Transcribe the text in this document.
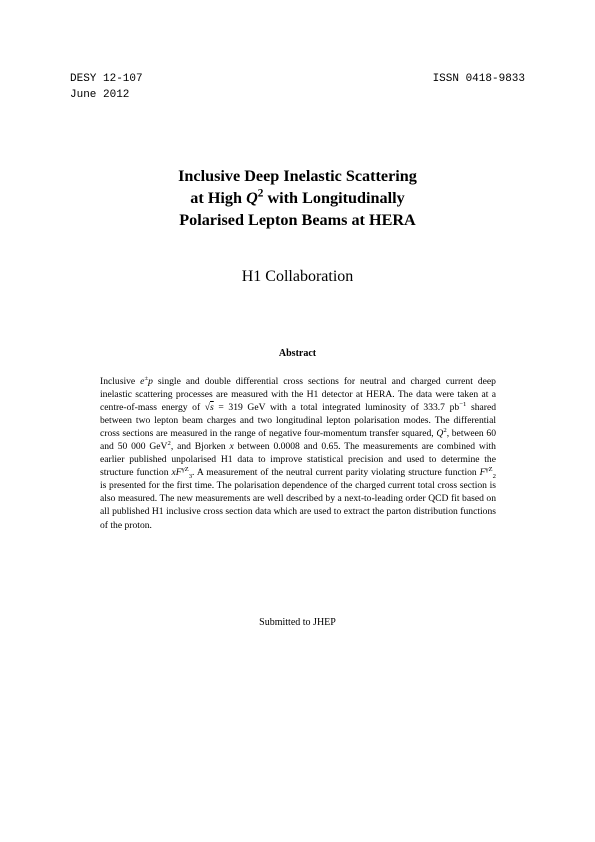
DESY 12-107
June 2012
ISSN 0418-9833
Inclusive Deep Inelastic Scattering
at High $Q^2$ with Longitudinally
Polarised Lepton Beams at HERA
H1 Collaboration
Abstract
Inclusive e±p single and double differential cross sections for neutral and charged current deep inelastic scattering processes are measured with the H1 detector at HERA. The data were taken at a centre-of-mass energy of √s = 319 GeV with a total integrated luminosity of 333.7 $pb^{-1}$ shared between two lepton beam charges and two longitudinal lepton polarisation modes. The differential cross sections are measured in the range of negative four-momentum transfer squared, $Q^2$, between 60 and 50 000 GeV$^2$, and Bjorken x between 0.0008 and 0.65. The measurements are combined with earlier published unpolarised H1 data to improve statistical precision and used to determine the structure function $xF^{\gamma Z}_3$. A measurement of the neutral current parity violating structure function $F^{\gamma Z}_2$ is presented for the first time. The polarisation dependence of the charged current total cross section is also measured. The new measurements are well described by a next-to-leading order QCD fit based on all published H1 inclusive cross section data which are used to extract the parton distribution functions of the proton.
Submitted to JHEP
